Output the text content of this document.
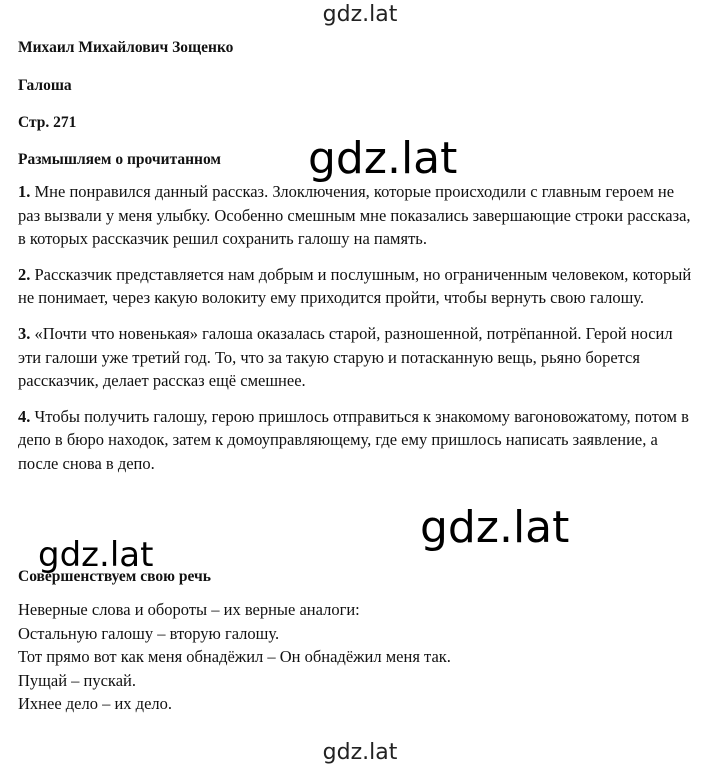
gdz.lat

Михаил Михайлович Зощенко

Галоша

Стр. 271

Размышляем о прочитанном

1. Мне понравился данный рассказ. Злоключения, которые происходили с главным героем не раз вызвали у меня улыбку. Особенно смешным мне показались завершающие строки рассказа, в которых рассказчик решил сохранить галошу на память.

2. Рассказчик представляется нам добрым и послушным, но ограниченным человеком, который не понимает, через какую волокиту ему приходится пройти, чтобы вернуть свою галошу.

3. «Почти что новенькая» галоша оказалась старой, разношенной, потрёпанной. Герой носил эти галоши уже третий год. То, что за такую старую и потасканную вещь, рьяно борется рассказчик, делает рассказ ещё смешнее.

4. Чтобы получить галошу, герою пришлось отправиться к знакомому вагоновожатому, потом в депо в бюро находок, затем к домоуправляющему, где ему пришлось написать заявление, а после снова в депо.

Совершенствуем свою речь

Неверные слова и обороты – их верные аналоги:

Остальную галошу – вторую галошу.

Тот прямо вот как меня обнадёжил – Он обнадёжил меня так.

Пущай – пускай.

Ихнее дело – их дело.

gdz.lat
gdz.lat
gdz.lat
gdz.lat
